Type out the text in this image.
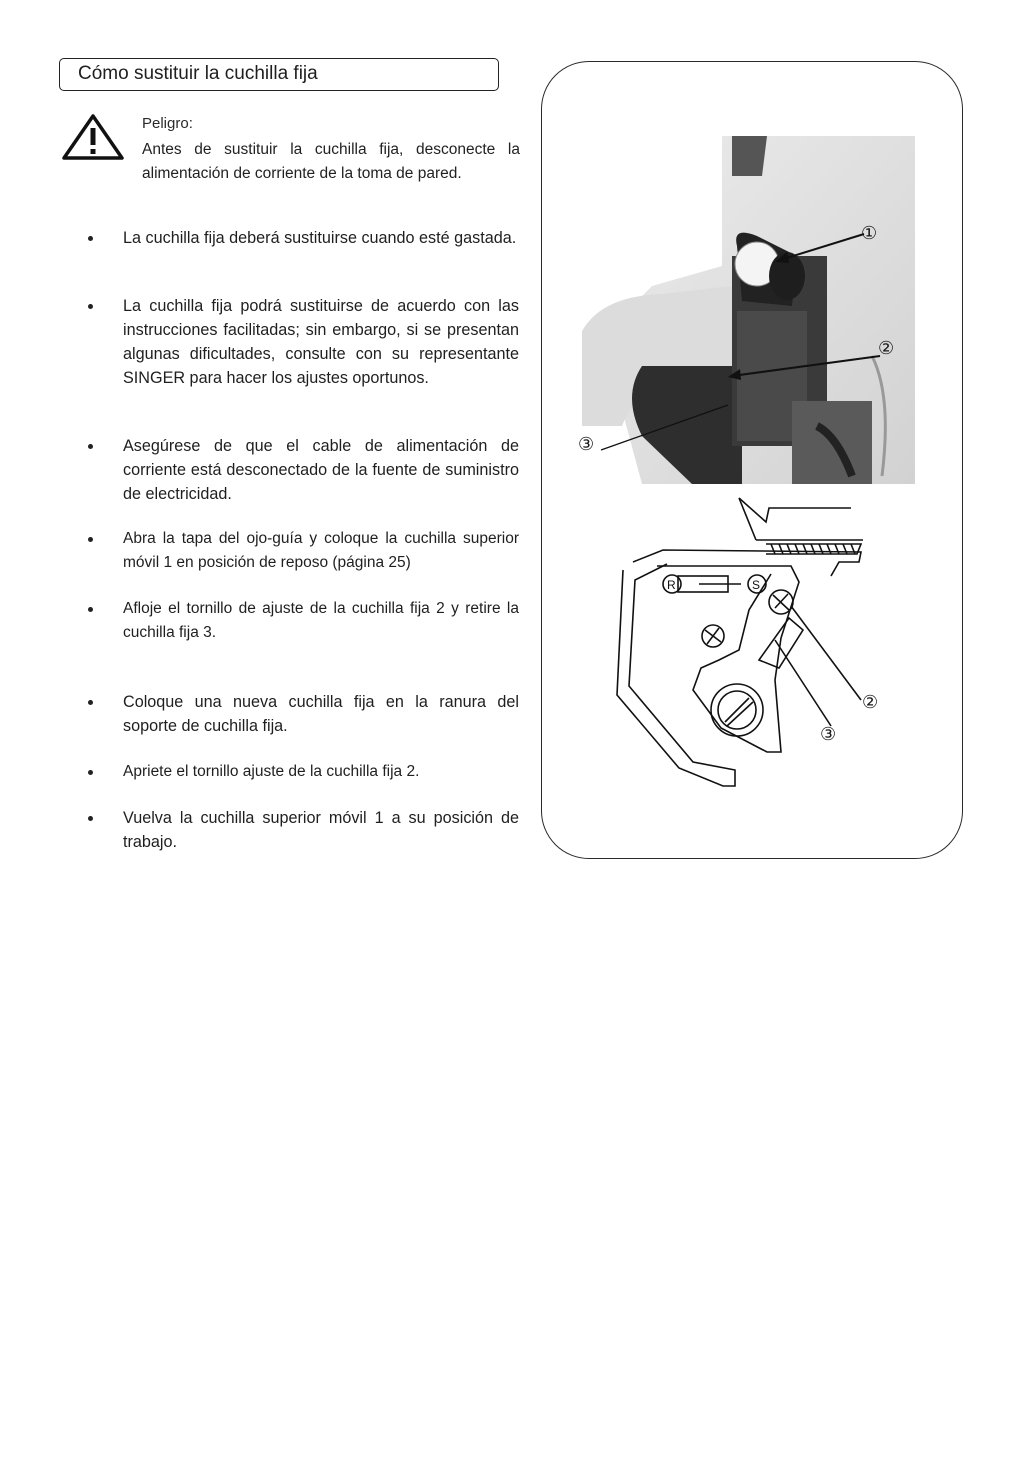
Cómo sustituir la cuchilla fija
Peligro:
Antes de sustituir la cuchilla fija, desconecte la alimentación de corriente de la toma de pared.
La cuchilla fija deberá sustituirse cuando esté gastada.
La cuchilla fija podrá sustituirse de acuerdo con las instrucciones facilitadas; sin embargo, si se presentan algunas dificultades, consulte con su representante SINGER para hacer los ajustes oportunos.
Asegúrese de que el cable de alimentación de corriente está desconectado de la fuente de suministro de electricidad.
Abra la tapa del ojo-guía y coloque la cuchilla superior móvil 1 en posición de reposo (página 25)
Afloje el tornillo de ajuste de la cuchilla fija 2 y retire la cuchilla fija 3.
Coloque una nueva cuchilla fija en la ranura del soporte de cuchilla fija.
Apriete el tornillo ajuste de la cuchilla fija 2.
Vuelva la cuchilla superior móvil 1 a su posición de trabajo.
①
②
③
R	S
②
③
